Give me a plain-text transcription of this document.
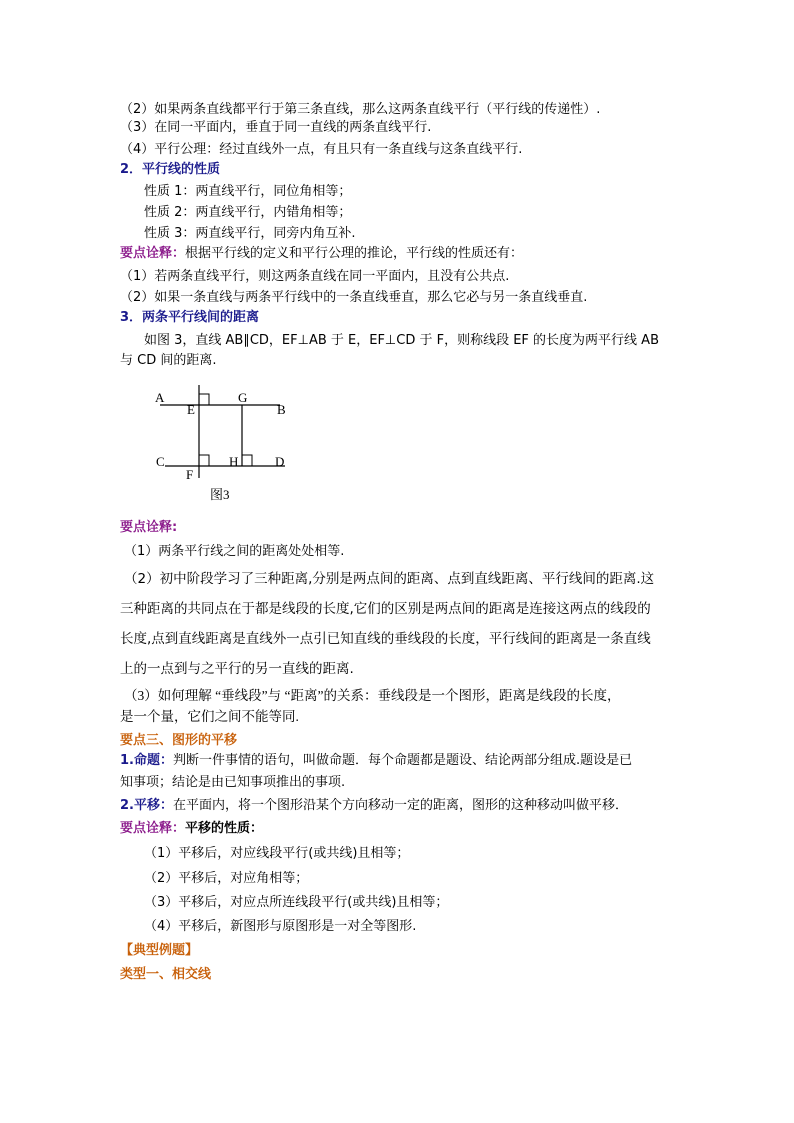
（2）如果两条直线都平行于第三条直线，那么这两条直线平行（平行线的传递性）.
（3）在同一平面内，垂直于同一直线的两条直线平行.
（4）平行公理：经过直线外一点，有且只有一条直线与这条直线平行.
2．平行线的性质
性质 1：两直线平行，同位角相等；
性质 2：两直线平行，内错角相等；
性质 3：两直线平行，同旁内角互补.
要点诠释：根据平行线的定义和平行公理的推论，平行线的性质还有：
（1）若两条直线平行，则这两条直线在同一平面内，且没有公共点.
（2）如果一条直线与两条平行线中的一条直线垂直，那么它必与另一条直线垂直.
3．两条平行线间的距离
如图 3，直线 AB∥CD，EF⊥AB 于 E，EF⊥CD 于 F，则称线段 EF 的长度为两平行线 AB
与 CD 间的距离.
A
E
G
B
C	H	D
F
图3
要点诠释:
（1）两条平行线之间的距离处处相等.
（2）初中阶段学习了三种距离,分别是两点间的距离、点到直线距离、平行线间的距离.这
三种距离的共同点在于都是线段的长度,它们的区别是两点间的距离是连接这两点的线段的
长度,点到直线距离是直线外一点引已知直线的垂线段的长度，平行线间的距离是一条直线
上的一点到与之平行的另一直线的距离.
（3）如何理解 “垂线段”与 “距离”的关系：垂线段是一个图形，距离是线段的长度，
是一个量，它们之间不能等同.
要点三、图形的平移
1.命题：判断一件事情的语句，叫做命题．每个命题都是题设、结论两部分组成.题设是已
知事项；结论是由已知事项推出的事项.
2.平移：在平面内，将一个图形沿某个方向移动一定的距离，图形的这种移动叫做平移．
要点诠释：平移的性质：
（1）平移后，对应线段平行(或共线)且相等；
（2）平移后，对应角相等；
（3）平移后，对应点所连线段平行(或共线)且相等；
（4）平移后，新图形与原图形是一对全等图形.
【典型例题】
类型一、相交线
